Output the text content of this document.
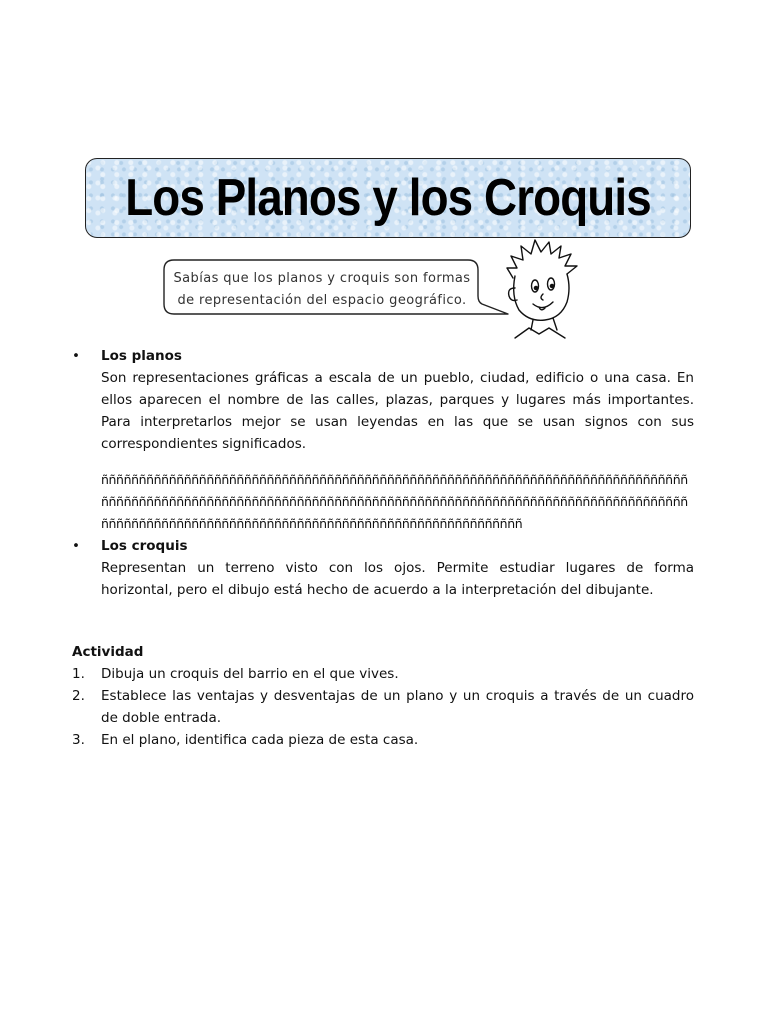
Los Planos y los Croquis
Sabías que los planos y croquis son formas
de representación del espacio geográfico.
• Los planos
Son representaciones gráficas a escala de un pueblo, ciudad, edificio o una casa. En ellos aparecen el nombre de las calles, plazas, parques y lugares más importantes. Para interpretarlos mejor se usan leyendas en las que se usan signos con sus correspondientes significados.
ññññññññññññññññññññññññññññññññññññññññññññññññññññññññññññññññññññññññññññññññññññññññññññññññññññññññññññññññññññññññññññññññññññññññññññññññññññññññññññññññññññññññññññññññññññññññññññññññññññññññññññññññññññ
• Los croquis
Representan un terreno visto con los ojos. Permite estudiar lugares de forma horizontal, pero el dibujo está hecho de acuerdo a la interpretación del dibujante.
Actividad
1. Dibuja un croquis del barrio en el que vives.
2. Establece las ventajas y desventajas de un plano y un croquis a través de un cuadro de doble entrada.
3. En el plano, identifica cada pieza de esta casa.
